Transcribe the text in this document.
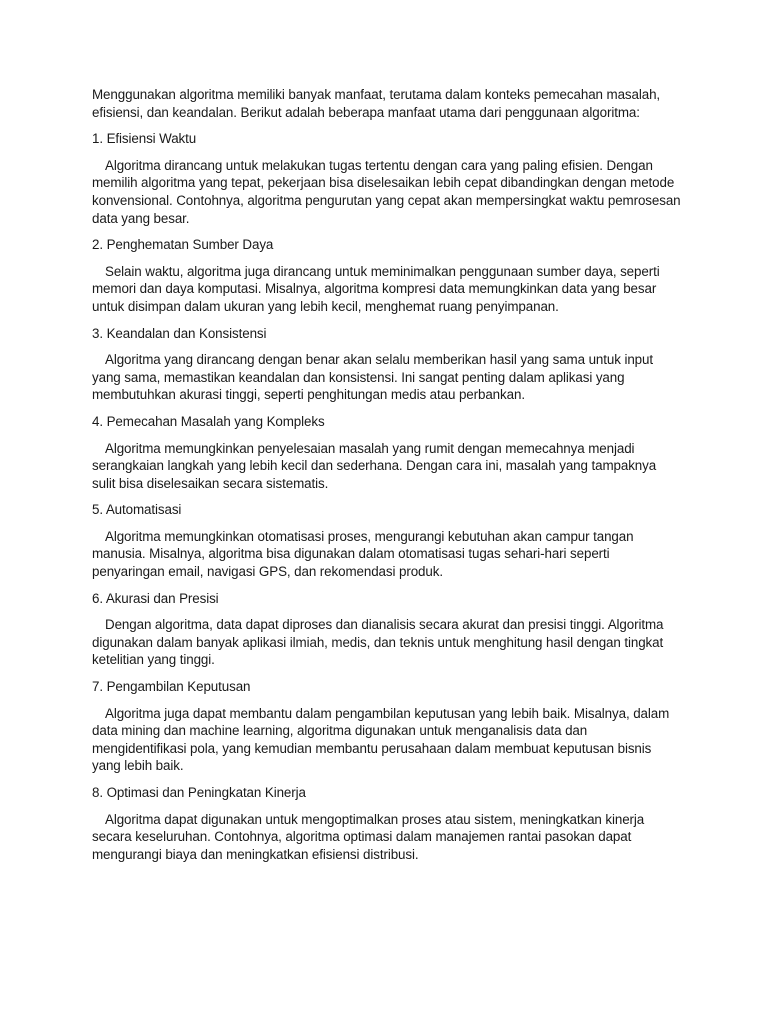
Menggunakan algoritma memiliki banyak manfaat, terutama dalam konteks pemecahan masalah, efisiensi, dan keandalan. Berikut adalah beberapa manfaat utama dari penggunaan algoritma:

1. Efisiensi Waktu

Algoritma dirancang untuk melakukan tugas tertentu dengan cara yang paling efisien. Dengan memilih algoritma yang tepat, pekerjaan bisa diselesaikan lebih cepat dibandingkan dengan metode konvensional. Contohnya, algoritma pengurutan yang cepat akan mempersingkat waktu pemrosesan data yang besar.

2. Penghematan Sumber Daya

Selain waktu, algoritma juga dirancang untuk meminimalkan penggunaan sumber daya, seperti memori dan daya komputasi. Misalnya, algoritma kompresi data memungkinkan data yang besar untuk disimpan dalam ukuran yang lebih kecil, menghemat ruang penyimpanan.

3. Keandalan dan Konsistensi

Algoritma yang dirancang dengan benar akan selalu memberikan hasil yang sama untuk input yang sama, memastikan keandalan dan konsistensi. Ini sangat penting dalam aplikasi yang membutuhkan akurasi tinggi, seperti penghitungan medis atau perbankan.

4. Pemecahan Masalah yang Kompleks

Algoritma memungkinkan penyelesaian masalah yang rumit dengan memecahnya menjadi serangkaian langkah yang lebih kecil dan sederhana. Dengan cara ini, masalah yang tampaknya sulit bisa diselesaikan secara sistematis.

5. Automatisasi

Algoritma memungkinkan otomatisasi proses, mengurangi kebutuhan akan campur tangan manusia. Misalnya, algoritma bisa digunakan dalam otomatisasi tugas sehari-hari seperti penyaringan email, navigasi GPS, dan rekomendasi produk.

6. Akurasi dan Presisi

Dengan algoritma, data dapat diproses dan dianalisis secara akurat dan presisi tinggi. Algoritma digunakan dalam banyak aplikasi ilmiah, medis, dan teknis untuk menghitung hasil dengan tingkat ketelitian yang tinggi.

7. Pengambilan Keputusan

Algoritma juga dapat membantu dalam pengambilan keputusan yang lebih baik. Misalnya, dalam data mining dan machine learning, algoritma digunakan untuk menganalisis data dan mengidentifikasi pola, yang kemudian membantu perusahaan dalam membuat keputusan bisnis yang lebih baik.

8. Optimasi dan Peningkatan Kinerja

Algoritma dapat digunakan untuk mengoptimalkan proses atau sistem, meningkatkan kinerja secara keseluruhan. Contohnya, algoritma optimasi dalam manajemen rantai pasokan dapat mengurangi biaya dan meningkatkan efisiensi distribusi.
